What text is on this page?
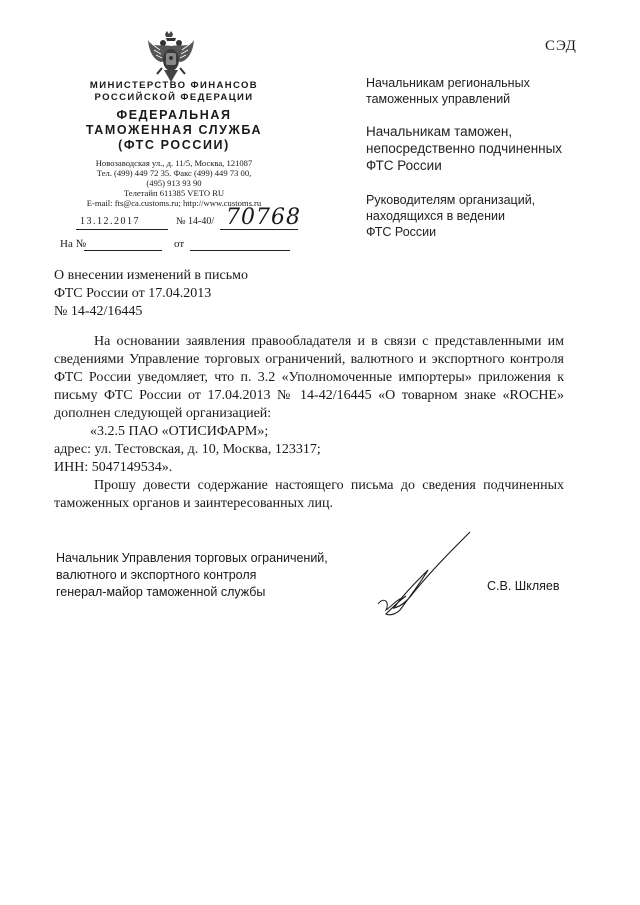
СЭД
МИНИСТЕРСТВО ФИНАНСОВ
РОССИЙСКОЙ ФЕДЕРАЦИИ
ФЕДЕРАЛЬНАЯ
ТАМОЖЕННАЯ СЛУЖБА
(ФТС РОССИИ)
Новозаводская ул., д. 11/5, Москва, 121087
Тел. (499) 449 72 35. Факс (499) 449 73 00,
(495) 913 93 90
Телетайп 611385 VETO RU
E-mail: fts@ca.customs.ru; http://www.customs.ru
13.12.2017	№ 14-40/ 70768
На №	от
Начальникам региональных
таможенных управлений
Начальникам таможен,
непосредственно подчиненных
ФТС России
Руководителям организаций,
находящихся в ведении
ФТС России
О внесении изменений в письмо
ФТС России от 17.04.2013
№ 14-42/16445

На основании заявления правообладателя и в связи с представленными им сведениями Управление торговых ограничений, валютного и экспортного контроля ФТС России уведомляет, что п. 3.2 «Уполномоченные импортеры» приложения к письму ФТС России от 17.04.2013 № 14-42/16445 «О товарном знаке «ROCHE» дополнен следующей организацией:

«3.2.5 ПАО «ОТИСИФАРМ»;

адрес: ул. Тестовская, д. 10, Москва, 123317;

ИНН: 5047149534».

Прошу довести содержание настоящего письма до сведения подчиненных таможенных органов и заинтересованных лиц.

Начальник Управления торговых ограничений,
валютного и экспортного контроля
генерал-майор таможенной службы	С.В. Шкляев
